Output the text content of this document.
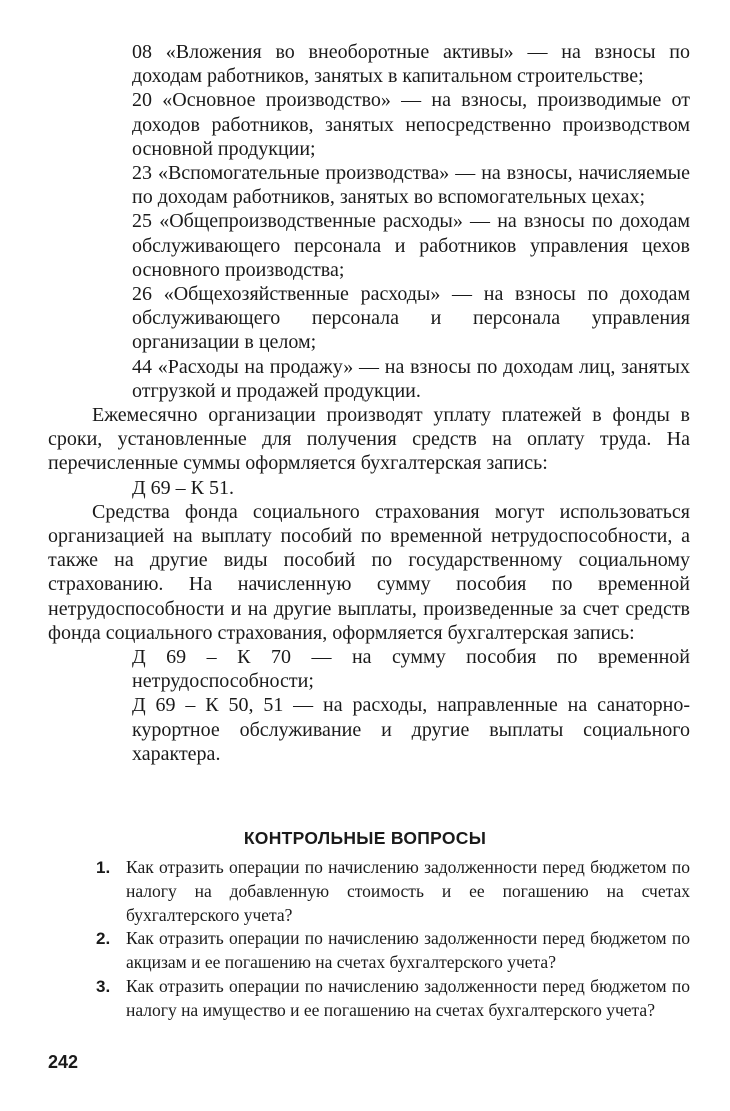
08 «Вложения во внеоборотные активы» — на взносы по доходам работников, занятых в капитальном строительстве;

20 «Основное производство» — на взносы, производимые от доходов работников, занятых непосредственно производством основной продукции;

23 «Вспомогательные производства» — на взносы, начисляемые по доходам работников, занятых во вспомогательных цехах;

25 «Общепроизводственные расходы» — на взносы по доходам обслуживающего персонала и работников управления цехов основного производства;

26 «Общехозяйственные расходы» — на взносы по доходам обслуживающего персонала и персонала управления организации в целом;

44 «Расходы на продажу» — на взносы по доходам лиц, занятых отгрузкой и продажей продукции.

Ежемесячно организации производят уплату платежей в фонды в сроки, установленные для получения средств на оплату труда. На перечисленные суммы оформляется бухгалтерская запись:

Д 69 – К 51.

Средства фонда социального страхования могут использоваться организацией на выплату пособий по временной нетрудоспособности, а также на другие виды пособий по государственному социальному страхованию. На начисленную сумму пособия по временной нетрудоспособности и на другие выплаты, произведенные за счет средств фонда социального страхования, оформляется бухгалтерская запись:

Д 69 – К 70 — на сумму пособия по временной нетрудоспособности;

Д 69 – К 50, 51 — на расходы, направленные на санаторно-курортное обслуживание и другие выплаты социального характера.

КОНТРОЛЬНЫЕ ВОПРОСЫ
1. Как отразить операции по начислению задолженности перед бюджетом по налогу на добавленную стоимость и ее погашению на счетах бухгалтерского учета?
2. Как отразить операции по начислению задолженности перед бюджетом по акцизам и ее погашению на счетах бухгалтерского учета?
3. Как отразить операции по начислению задолженности перед бюджетом по налогу на имущество и ее погашению на счетах бухгалтерского учета?
242
